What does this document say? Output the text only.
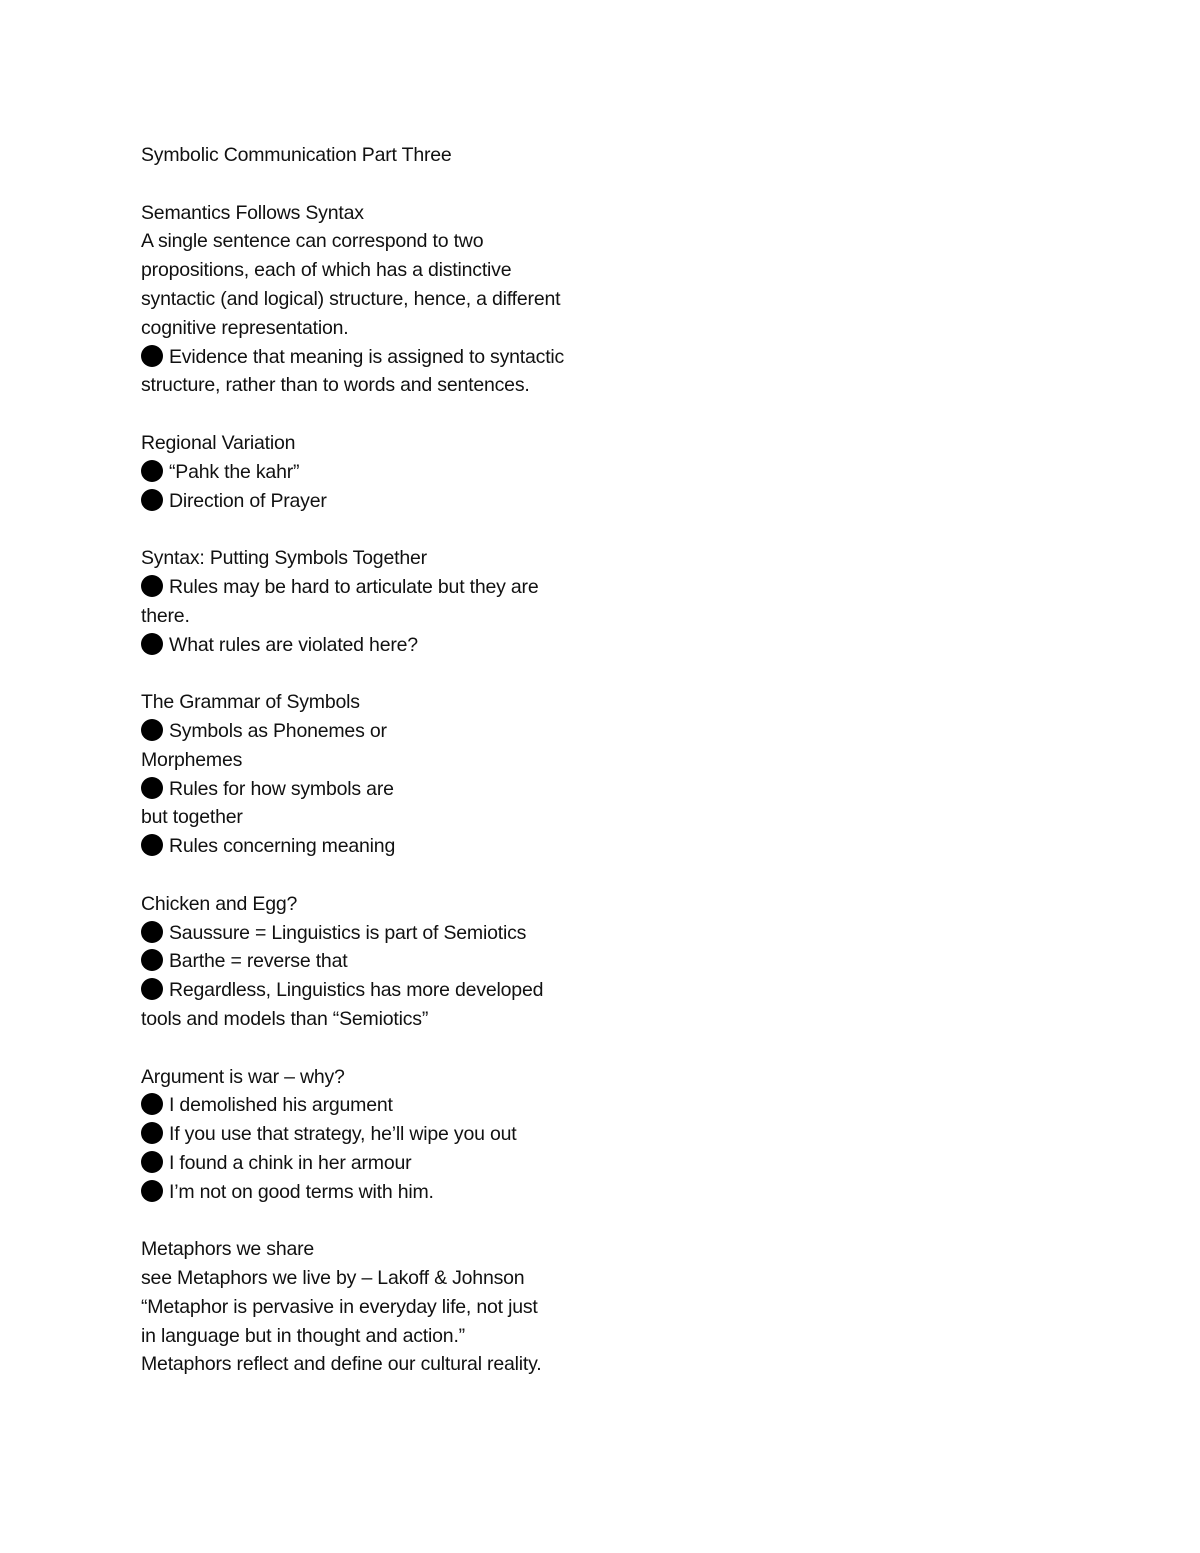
Symbolic Communication Part Three
Semantics Follows Syntax
A single sentence can correspond to two
propositions, each of which has a distinctive
syntactic (and logical) structure, hence, a different
cognitive representation.
Evidence that meaning is assigned to syntactic
structure, rather than to words and sentences.
Regional Variation
“Pahk the kahr”
Direction of Prayer
Syntax: Putting Symbols Together
Rules may be hard to articulate but they are
there.
What rules are violated here?
The Grammar of Symbols
Symbols as Phonemes or
Morphemes
Rules for how symbols are
but together
Rules concerning meaning
Chicken and Egg?
Saussure = Linguistics is part of Semiotics
Barthe = reverse that
Regardless, Linguistics has more developed
tools and models than “Semiotics”
Argument is war – why?
I demolished his argument
If you use that strategy, he’ll wipe you out
I found a chink in her armour
I’m not on good terms with him.
Metaphors we share
see Metaphors we live by – Lakoff & Johnson
“Metaphor is pervasive in everyday life, not just
in language but in thought and action.”
Metaphors reflect and define our cultural reality.
